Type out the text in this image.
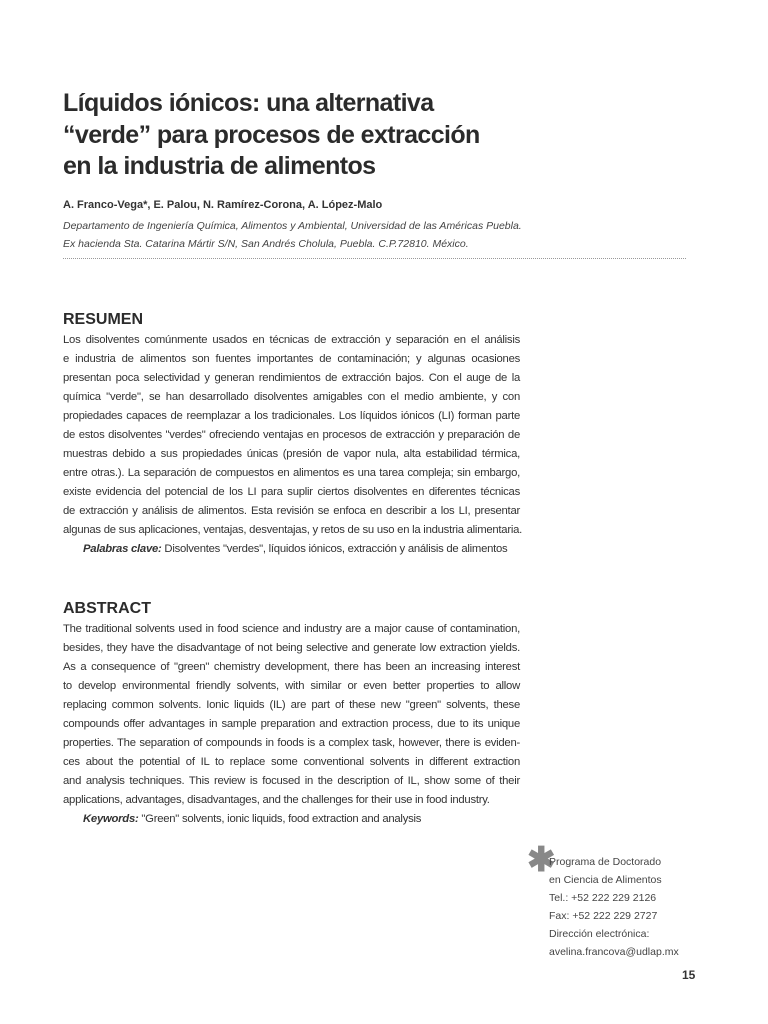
Líquidos iónicos: una alternativa
“verde” para procesos de extracción
en la industria de alimentos
A. Franco-Vega*, E. Palou, N. Ramírez-Corona, A. López-Malo
Departamento de Ingeniería Química, Alimentos y Ambiental, Universidad de las Américas Puebla.
Ex hacienda Sta. Catarina Mártir S/N, San Andrés Cholula, Puebla. C.P.72810. México.
RESUMEN
Los disolventes comúnmente usados en técnicas de extracción y separación en el análisis
e industria de alimentos son fuentes importantes de contaminación; y algunas ocasiones
presentan poca selectividad y generan rendimientos de extracción bajos. Con el auge de la
química "verde", se han desarrollado disolventes amigables con el medio ambiente, y con
propiedades capaces de reemplazar a los tradicionales. Los líquidos iónicos (LI) forman parte
de estos disolventes "verdes" ofreciendo ventajas en procesos de extracción y preparación de
muestras debido a sus propiedades únicas (presión de vapor nula, alta estabilidad térmica,
entre otras.). La separación de compuestos en alimentos es una tarea compleja; sin embargo,
existe evidencia del potencial de los LI para suplir ciertos disolventes en diferentes técnicas
de extracción y análisis de alimentos. Esta revisión se enfoca en describir a los LI, presentar
algunas de sus aplicaciones, ventajas, desventajas, y retos de su uso en la industria alimentaria.
Palabras clave: Disolventes "verdes", líquidos iónicos, extracción y análisis de alimentos
ABSTRACT
The traditional solvents used in food science and industry are a major cause of contamination,
besides, they have the disadvantage of not being selective and generate low extraction yields.
As a consequence of "green" chemistry development, there has been an increasing interest
to develop environmental friendly solvents, with similar or even better properties to allow
replacing common solvents. Ionic liquids (IL) are part of these new "green" solvents, these
compounds offer advantages in sample preparation and extraction process, due to its unique
properties. The separation of compounds in foods is a complex task, however, there is eviden-
ces about the potential of IL to replace some conventional solvents in different extraction
and analysis techniques. This review is focused in the description of IL, show some of their
applications, advantages, disadvantages, and the challenges for their use in food industry.
Keywords: "Green" solvents, ionic liquids, food extraction and analysis
✱
Programa de Doctorado
en Ciencia de Alimentos
Tel.: +52 222 229 2126
Fax: +52 222 229 2727
Dirección electrónica:
avelina.francova@udlap.mx
15
